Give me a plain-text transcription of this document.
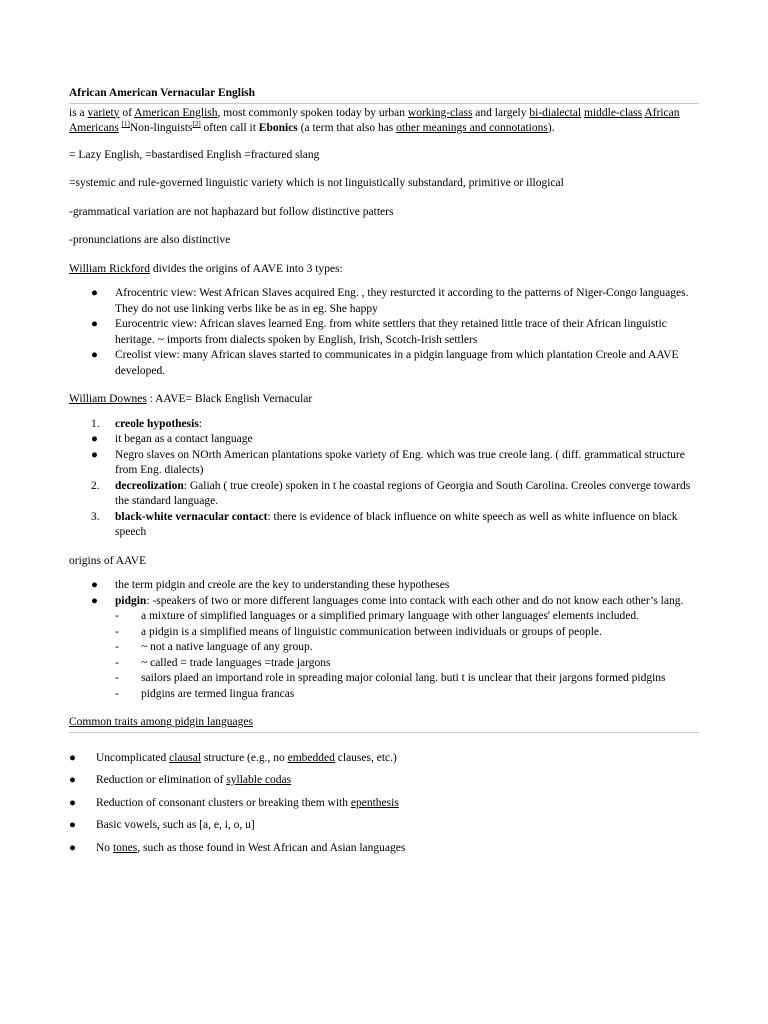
African American Vernacular English

is a variety of American English, most commonly spoken today by urban working-class and largely bi-dialectal middle-class African Americans [1]Non-linguists[2] often call it Ebonics (a term that also has other meanings and connotations).

= Lazy English, =bastardised English =fractured slang

=systemic and rule-governed linguistic variety which is not linguistically substandard, primitive or illogical

-grammatical variation are not haphazard but follow distinctive patters

-pronunciations are also distinctive

William Rickford divides the origins of AAVE into 3 types:

● Afrocentric view: West African Slaves acquired Eng. , they resturcted it according to the patterns of Niger-Congo languages. They do not use linking verbs like be as in eg. She happy
● Eurocentric view: African slaves learned Eng. from white settlers that they retained little trace of their African linguistic heritage. ~ imports from dialects spoken by English, Irish, Scotch-Irish settlers
● Creolist view: many African slaves started to communicates in a pidgin language from which plantation Creole and AAVE developed.

William Downes : AAVE= Black English Vernacular

1. creole hypothesis:
● it began as a contact language
● Negro slaves on NOrth American plantations spoke variety of Eng. which was true creole lang. ( diff. grammatical structure from Eng. dialects)
2. decreolization: Galiah ( true creole) spoken in t he coastal regions of Georgia and South Carolina. Creoles converge towards the standard language.
3. black-white vernacular contact: there is evidence of black influence on white speech as well as white influence on black speech

origins of AAVE

● the term pidgin and creole are the key to understanding these hypotheses
● pidgin: -speakers of two or more different languages come into contack with each other and do not know each other’s lang.
- a mixture of simplified languages or a simplified primary language with other languages' elements included.
- a pidgin is a simplified means of linguistic communication between individuals or groups of people.
- ~ not a native language of any group.
- ~ called = trade languages =trade jargons
- sailors plaed an importand role in spreading major colonial lang. buti t is unclear that their jargons formed pidgins
- pidgins are termed lingua francas

Common traits among pidgin languages

● Uncomplicated clausal structure (e.g., no embedded clauses, etc.)
● Reduction or elimination of syllable codas
● Reduction of consonant clusters or breaking them with epenthesis
● Basic vowels, such as [a, e, i, o, u]
● No tones, such as those found in West African and Asian languages
